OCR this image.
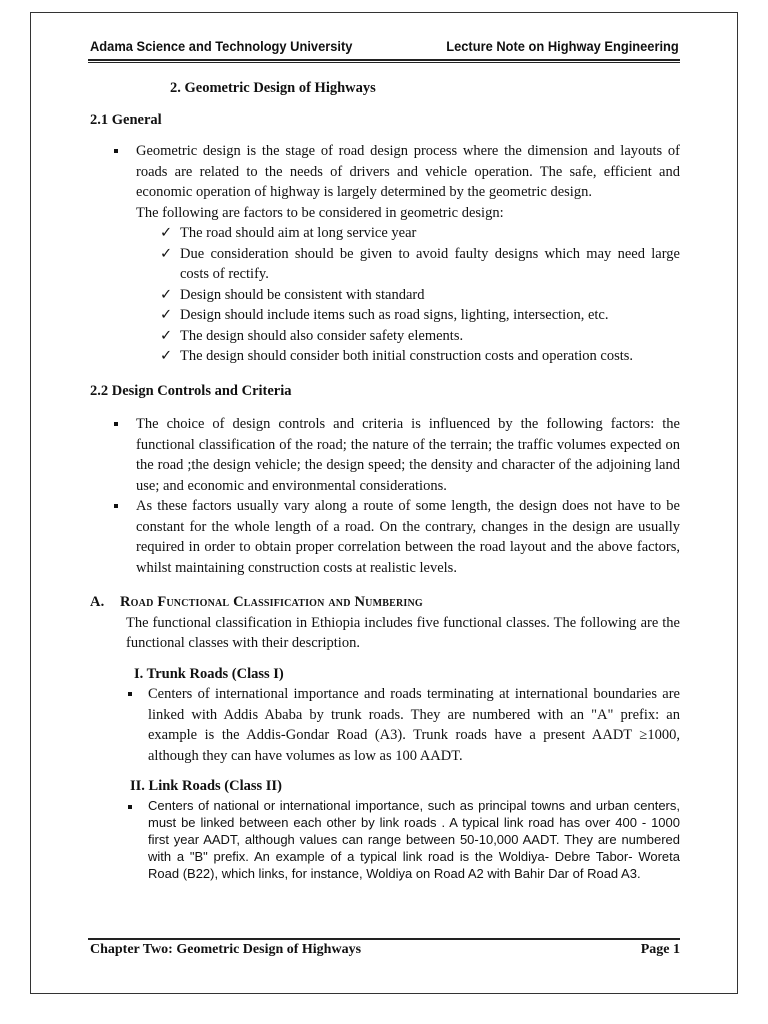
Adama Science and Technology University	Lecture Note on Highway Engineering

2. Geometric Design of Highways

2.1 General

Geometric design is the stage of road design process where the dimension and layouts of roads are related to the needs of drivers and vehicle operation. The safe, efficient and economic operation of highway is largely determined by the geometric design.
The following are factors to be considered in geometric design:
✓ The road should aim at long service year
✓ Due consideration should be given to avoid faulty designs which may need large costs of rectify.
✓ Design should be consistent with standard
✓ Design should include items such as road signs, lighting, intersection, etc.
✓ The design should also consider safety elements.
✓ The design should consider both initial construction costs and operation costs.

2.2 Design Controls and Criteria

The choice of design controls and criteria is influenced by the following factors: the functional classification of the road; the nature of the terrain; the traffic volumes expected on the road ;the design vehicle; the design speed; the density and character of the adjoining land use; and economic and environmental considerations.
As these factors usually vary along a route of some length, the design does not have to be constant for the whole length of a road. On the contrary, changes in the design are usually required in order to obtain proper correlation between the road layout and the above factors, whilst maintaining construction costs at realistic levels.

A. Road Functional Classification and Numbering

The functional classification in Ethiopia includes five functional classes. The following are the functional classes with their description.

I. Trunk Roads (Class I)

Centers of international importance and roads terminating at international boundaries are linked with Addis Ababa by trunk roads. They are numbered with an "A" prefix: an example is the Addis-Gondar Road (A3). Trunk roads have a present AADT ≥1000, although they can have volumes as low as 100 AADT.

II. Link Roads (Class II)

Centers of national or international importance, such as principal towns and urban centers, must be linked between each other by link roads . A typical link road has over 400 - 1000 first year AADT, although values can range between 50-10,000 AADT. They are numbered with a "B" prefix. An example of a typical link road is the Woldiya- Debre Tabor- Woreta Road (B22), which links, for instance, Woldiya on Road A2 with Bahir Dar of Road A3.
Chapter Two: Geometric Design of Highways	Page 1
